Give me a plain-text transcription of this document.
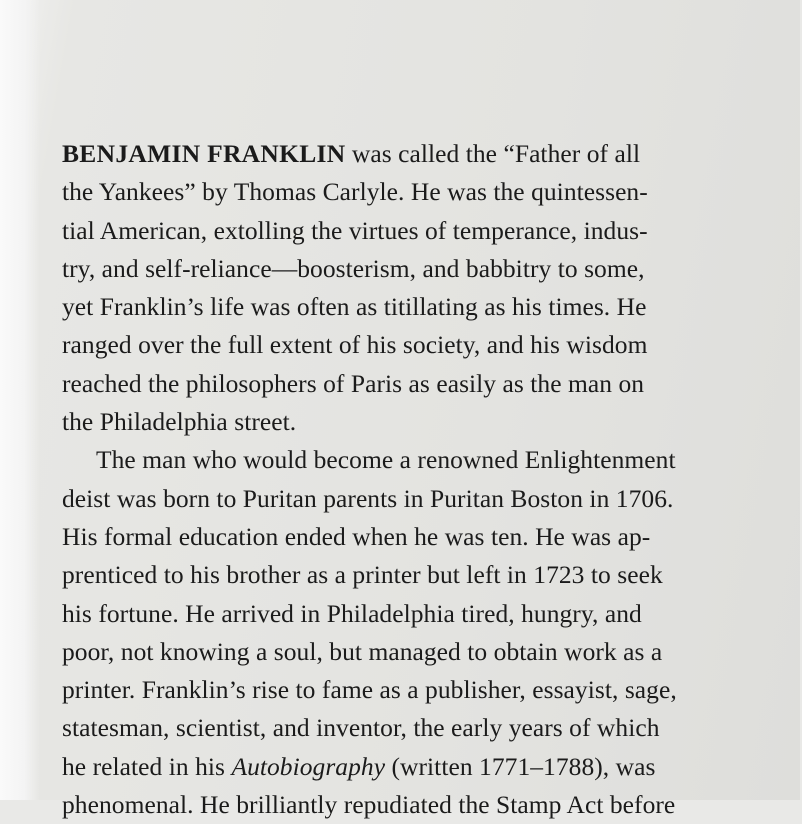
BENJAMIN FRANKLIN was called the “Father of all
the Yankees” by Thomas Carlyle. He was the quintessen-
tial American, extolling the virtues of temperance, indus-
try, and self-reliance—boosterism, and babbitry to some,
yet Franklin’s life was often as titillating as his times. He
ranged over the full extent of his society, and his wisdom
reached the philosophers of Paris as easily as the man on
the Philadelphia street.
The man who would become a renowned Enlightenment
deist was born to Puritan parents in Puritan Boston in 1706.
His formal education ended when he was ten. He was ap-
prenticed to his brother as a printer but left in 1723 to seek
his fortune. He arrived in Philadelphia tired, hungry, and
poor, not knowing a soul, but managed to obtain work as a
printer. Franklin’s rise to fame as a publisher, essayist, sage,
statesman, scientist, and inventor, the early years of which
he related in his Autobiography (written 1771–1788), was
phenomenal. He brilliantly repudiated the Stamp Act before
